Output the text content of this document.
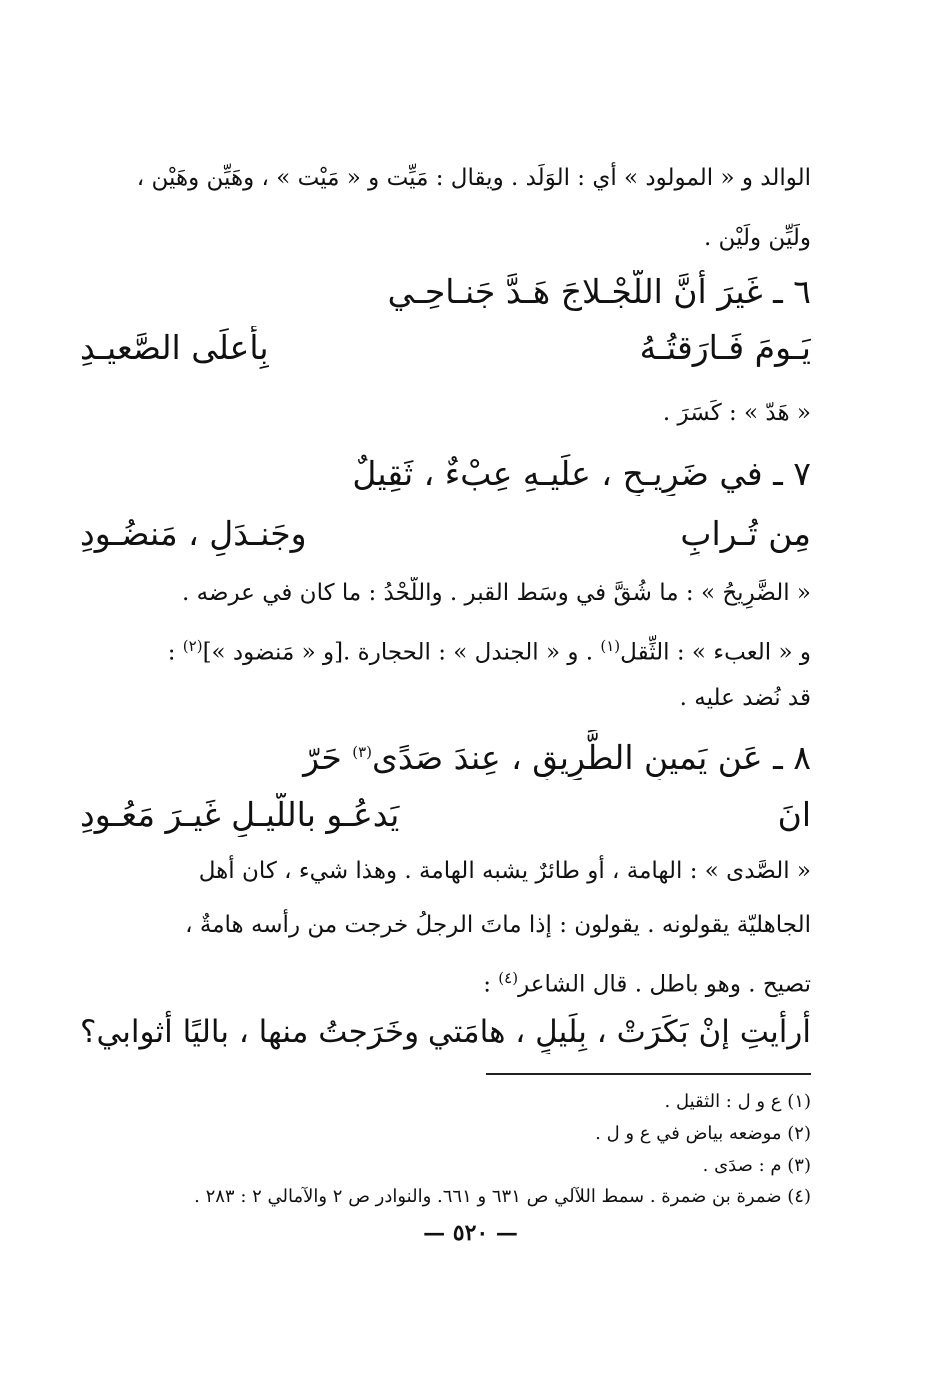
الوالد و « المولود » أي : الوَلَد . ويقال : مَيِّت و « مَيْت » ، وهَيِّن وهَيْن ،
ولَيِّن ولَيْن .
٦ ـ غَيرَ أَنَّ اللَّجْـلاجَ هَـدَّ جَنـاحِـي
يَـومَ فَـارَقتُـهُ
بِأَعلَى الصَّعيـدِ
« هَدّ » : كَسَرَ .
٧ ـ في ضَرِيـحٍ ، علَيـهِ عِبْءٌ ، ثَقِيلٌ
مِن تُـرابٍ
وجَنـدَلٍ ، مَنضُـودِ
« الضَّرِيحُ » : ما شُقَّ في وسَط القبر . واللَّحْدُ : ما كان في عرضه .
و « العبء » : الثِّقل$^{(١)}$ . و « الجندل » : الحجارة .[و « مَنضود »]$^{(٢)}$ :
قد نُضد عليه .
٨ ـ عَن يَمينِ الطَّرِيقِ ، عِندَ صَدًى$^{(٣)}$ حَرّ
انَ
يَدعُـو باللَّيـلِ غَيـرَ مَعُـودِ
« الصَّدى » : الهامة ، أو طائرٌ يشبه الهامة . وهذا شيء ، كان أهل
الجاهليّة يقولونه . يقولون : إذا ماتَ الرجلُ خرجت من رأسه هامةٌ ،
تصيح . وهو باطل . قال الشاعر$^{(٤)}$ :
أرأيتِ إنْ بَكَرَتْ ، بِلَيلٍ ، هامَتي
وخَرَجتُ منها ، باليًا أثوابي؟
(١) ع و ل : الثقيل .
(٢) موضعه بياض في ع و ل .
(٣) م : صدَى .
(٤) ضمرة بن ضمرة . سمط اللآلي ص ٦٣١ و ٦٦١. والنوادر ص ٢ والآمالي ٢ : ٢٨٣ .
— ٥٢٠ —
